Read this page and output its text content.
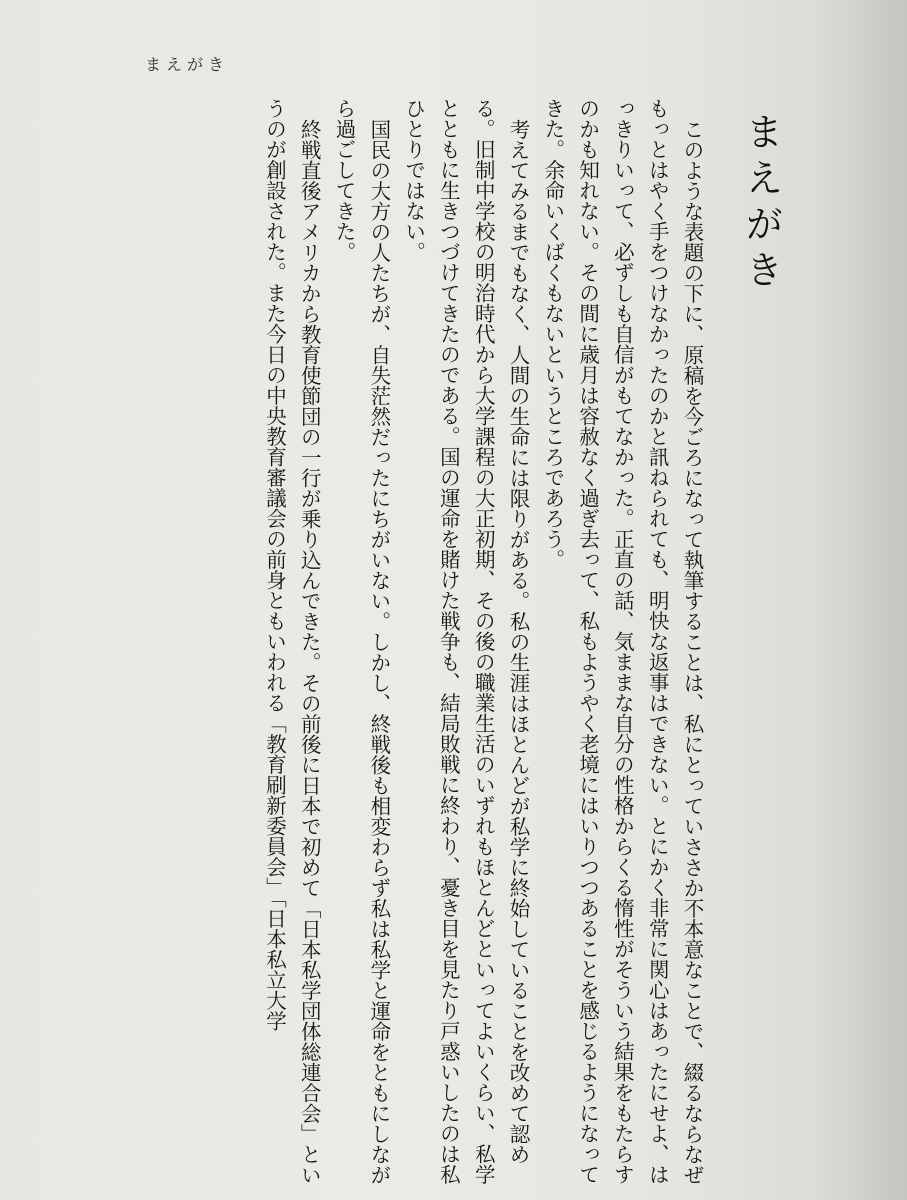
まえがき
まえがき

このような表題の下に、原稿を今ごろになって執筆することは、私にとっていささか不本意なことで、綴るならなぜもっとはやく手をつけなかったのかと訊ねられても、明快な返事はできない。とにかく非常に関心はあったにせよ、はっきりいって、必ずしも自信がもてなかった。正直の話、気ままな自分の性格からくる惰性がそういう結果をもたらすのかも知れない。その間に歳月は容赦なく過ぎ去って、私もようやく老境にはいりつつあることを感じるようになってきた。余命いくばくもないというところであろう。

考えてみるまでもなく、人間の生命には限りがある。私の生涯はほとんどが私学に終始していることを改めて認める。旧制中学校の明治時代から大学課程の大正初期、その後の職業生活のいずれもほとんどといってよいくらい、私学とともに生きつづけてきたのである。国の運命を賭けた戦争も、結局敗戦に終わり、憂き目を見たり戸惑いしたのは私ひとりではない。

国民の大方の人たちが、自失茫然だったにちがいない。しかし、終戦後も相変わらず私は私学と運命をともにしながら過ごしてきた。

終戦直後アメリカから教育使節団の一行が乗り込んできた。その前後に日本で初めて「日本私学団体総連合会」というのが創設された。また今日の中央教育審議会の前身ともいわれる「教育刷新委員会」「日本私立大学
